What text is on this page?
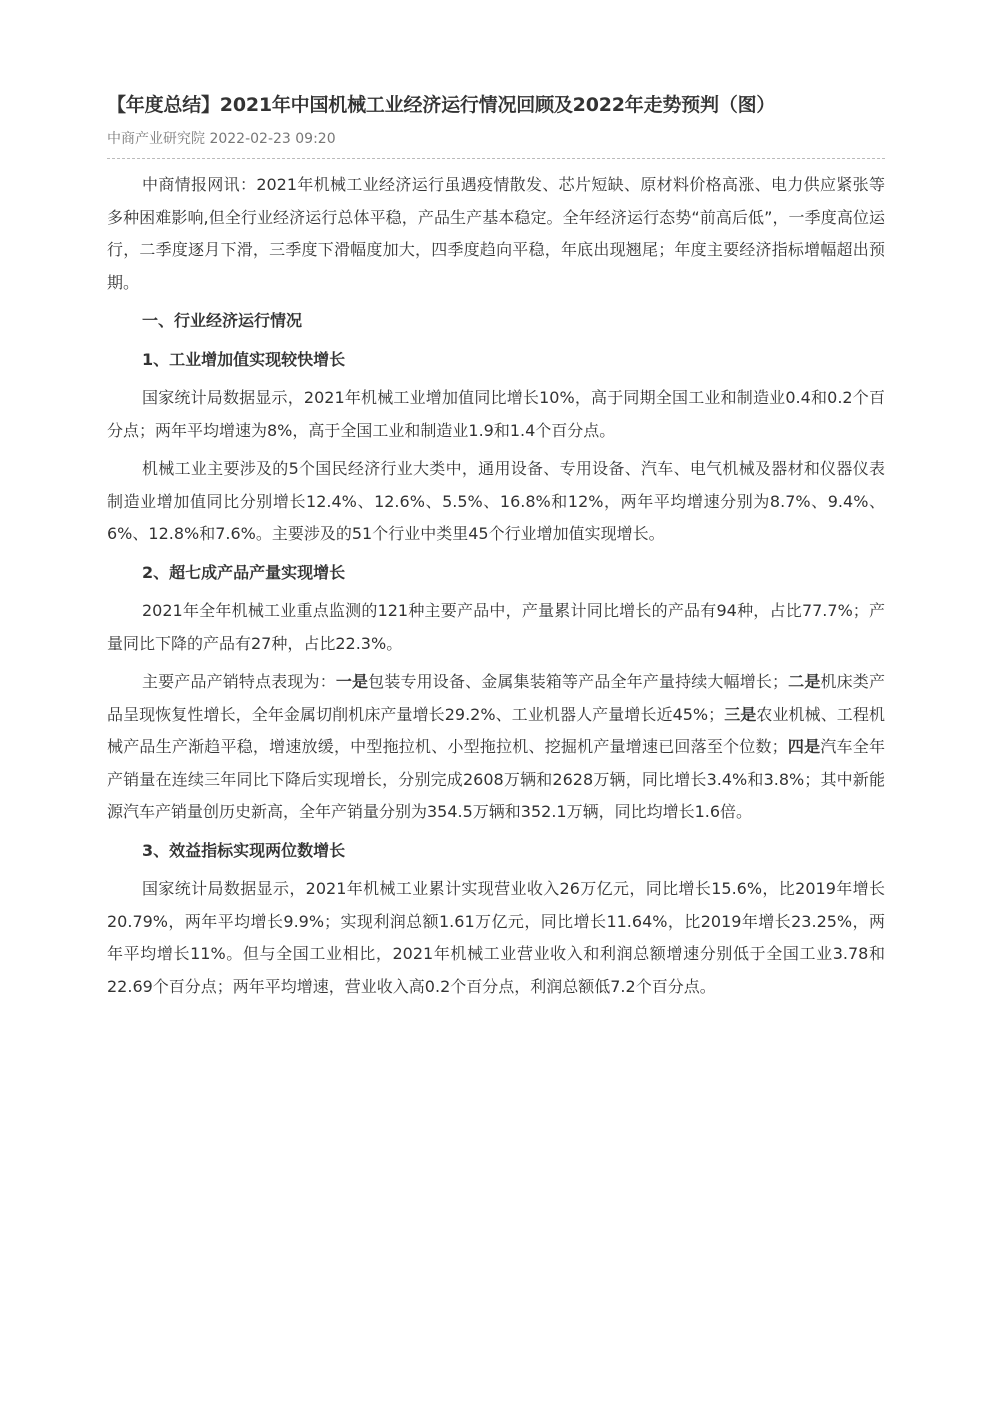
【年度总结】2021年中国机械工业经济运行情况回顾及2022年走势预判（图）
中商产业研究院 2022-02-23 09:20

中商情报网讯：2021年机械工业经济运行虽遇疫情散发、芯片短缺、原材料价格高涨、电力供应紧张等多种困难影响,但全行业经济运行总体平稳，产品生产基本稳定。全年经济运行态势“前高后低”，一季度高位运行，二季度逐月下滑，三季度下滑幅度加大，四季度趋向平稳，年底出现翘尾；年度主要经济指标增幅超出预期。

一、行业经济运行情况

1、工业增加值实现较快增长

国家统计局数据显示，2021年机械工业增加值同比增长10%，高于同期全国工业和制造业0.4和0.2个百分点；两年平均增速为8%，高于全国工业和制造业1.9和1.4个百分点。

机械工业主要涉及的5个国民经济行业大类中，通用设备、专用设备、汽车、电气机械及器材和仪器仪表制造业增加值同比分别增长12.4%、12.6%、5.5%、16.8%和12%，两年平均增速分别为8.7%、9.4%、6%、12.8%和7.6%。主要涉及的51个行业中类里45个行业增加值实现增长。

2、超七成产品产量实现增长

2021年全年机械工业重点监测的121种主要产品中，产量累计同比增长的产品有94种，占比77.7%；产量同比下降的产品有27种，占比22.3%。

主要产品产销特点表现为：一是包装专用设备、金属集装箱等产品全年产量持续大幅增长；二是机床类产品呈现恢复性增长，全年金属切削机床产量增长29.2%、工业机器人产量增长近45%；三是农业机械、工程机械产品生产渐趋平稳，增速放缓，中型拖拉机、小型拖拉机、挖掘机产量增速已回落至个位数；四是汽车全年产销量在连续三年同比下降后实现增长，分别完成2608万辆和2628万辆，同比增长3.4%和3.8%；其中新能源汽车产销量创历史新高，全年产销量分别为354.5万辆和352.1万辆，同比均增长1.6倍。

3、效益指标实现两位数增长

国家统计局数据显示，2021年机械工业累计实现营业收入26万亿元，同比增长15.6%，比2019年增长20.79%，两年平均增长9.9%；实现利润总额1.61万亿元，同比增长11.64%，比2019年增长23.25%，两年平均增长11%。但与全国工业相比，2021年机械工业营业收入和利润总额增速分别低于全国工业3.78和22.69个百分点；两年平均增速，营业收入高0.2个百分点，利润总额低7.2个百分点。
